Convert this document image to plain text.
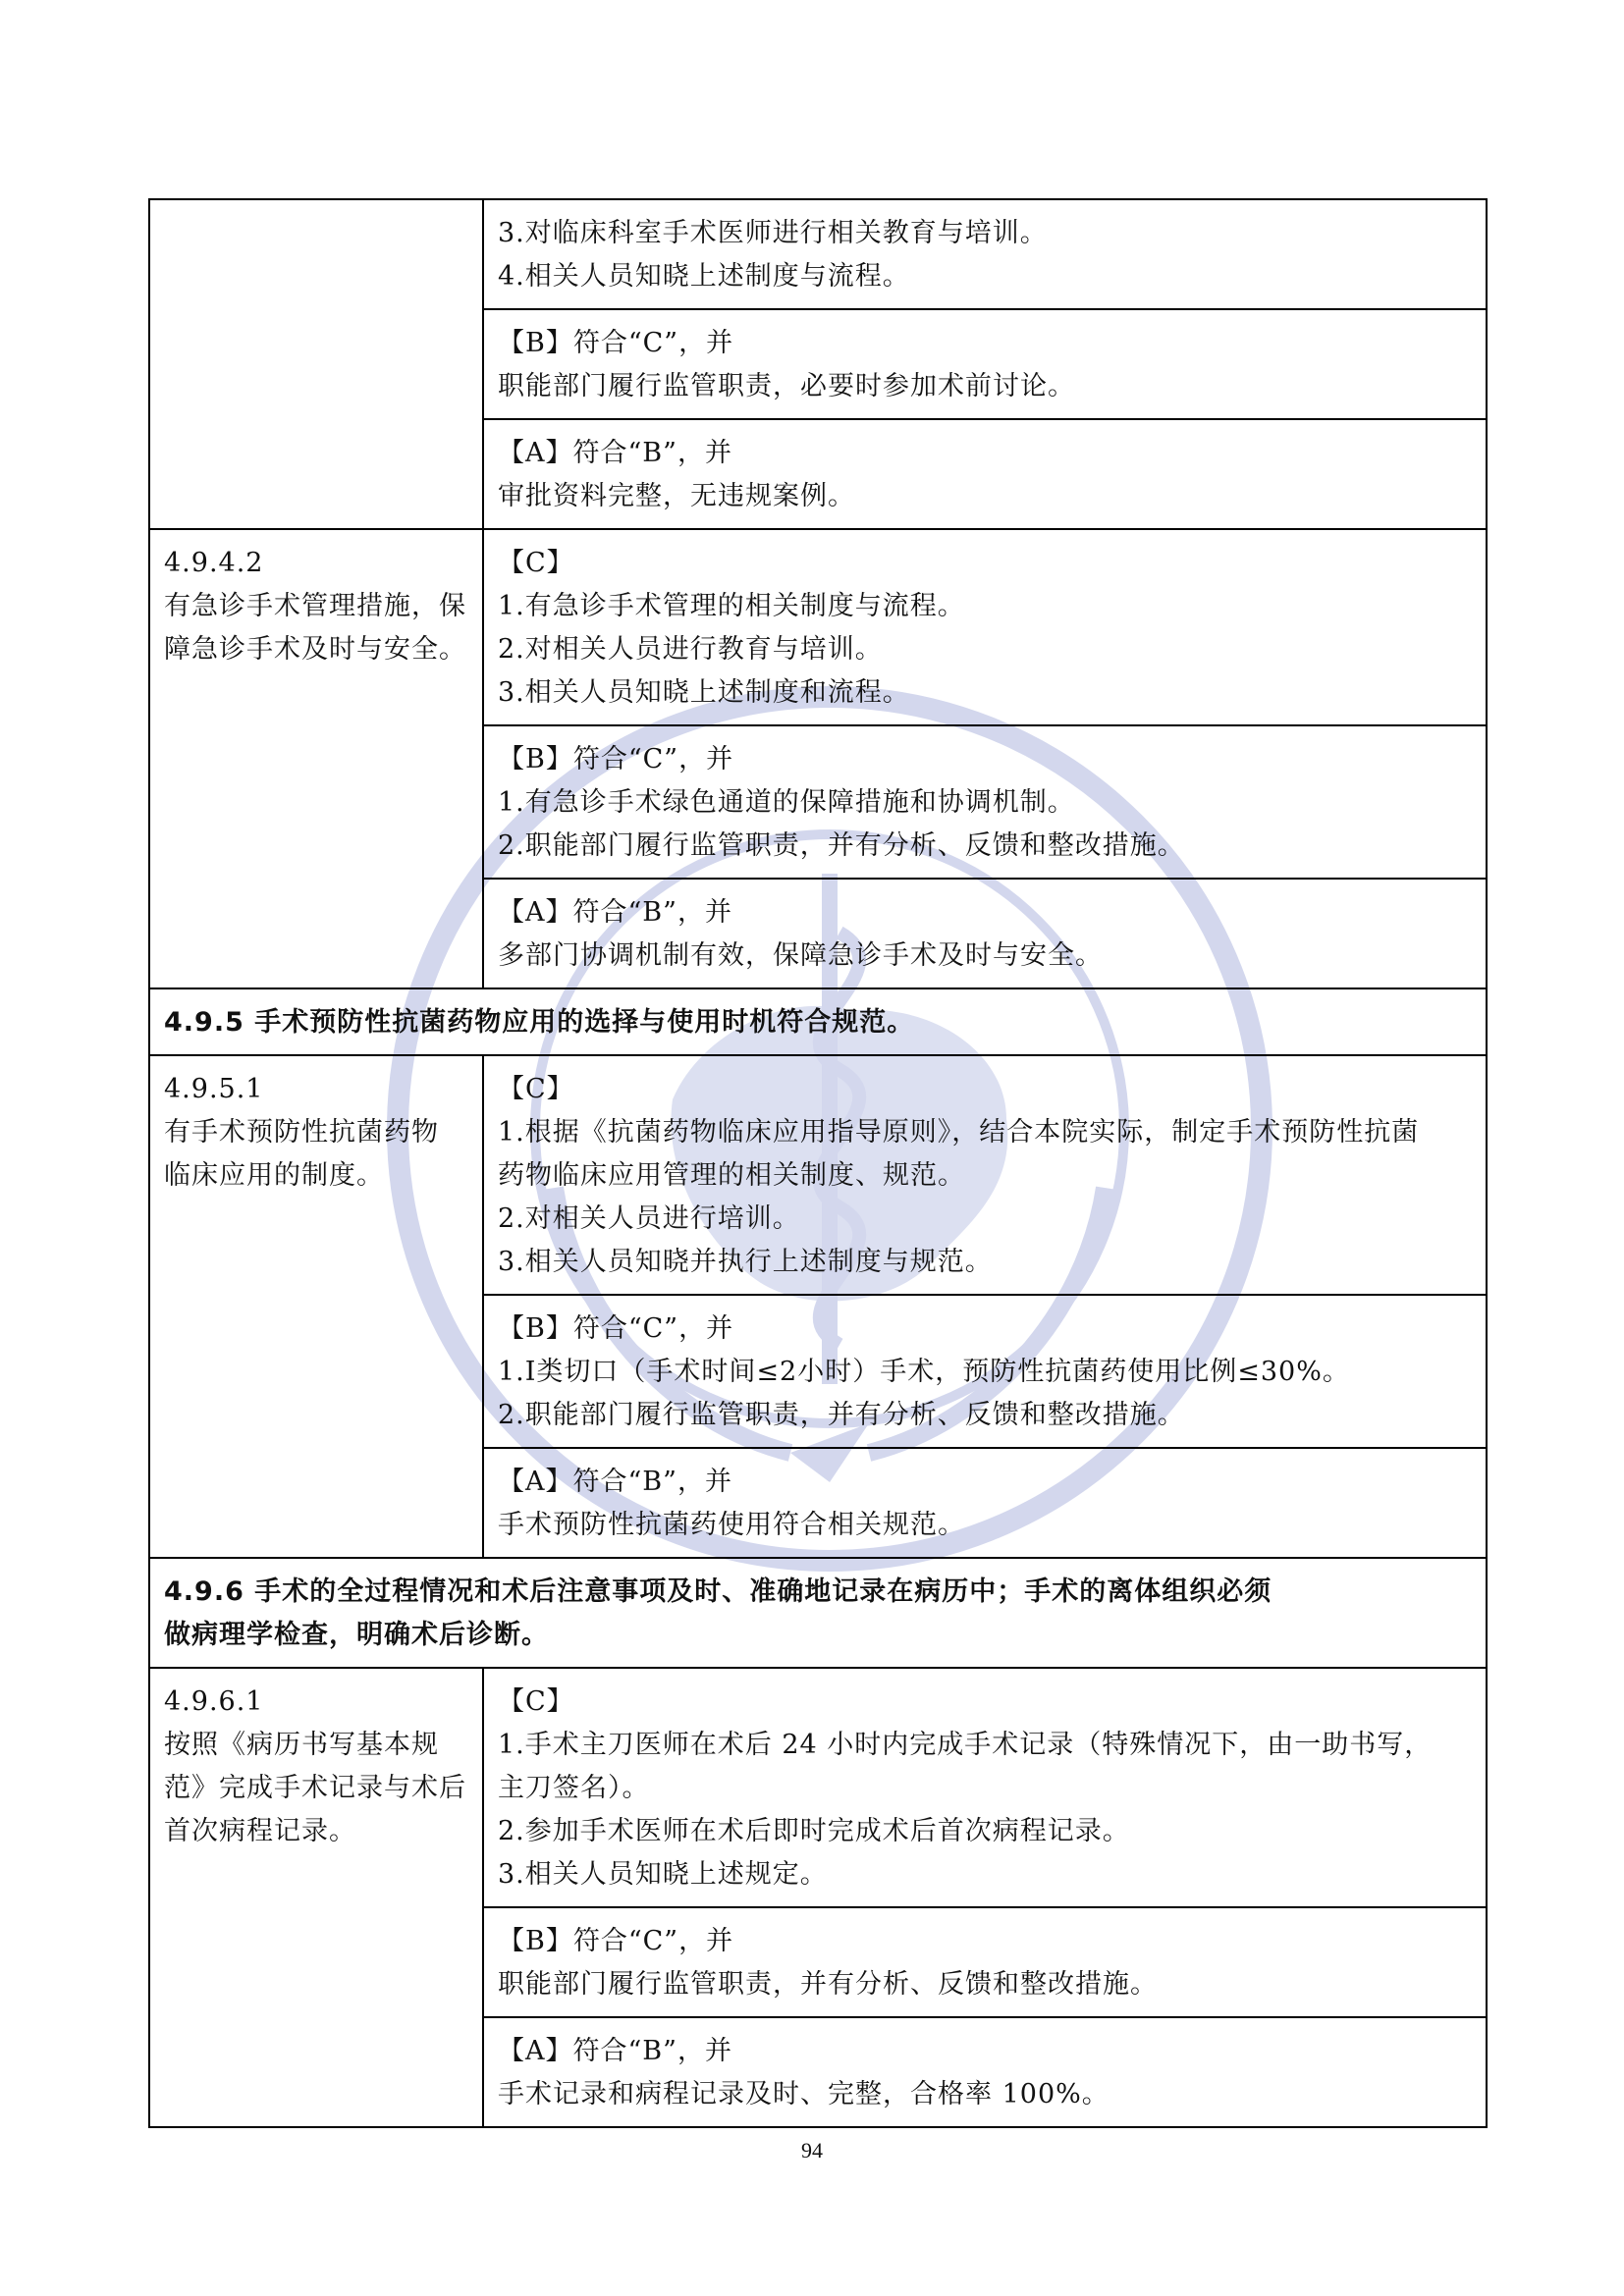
	3.对临床科室手术医师进行相关教育与培训。
4.相关人员知晓上述制度与流程。

	【B】符合“C”，并
职能部门履行监管职责，必要时参加术前讨论。

	【A】符合“B”，并
审批资料完整，无违规案例。

4.9.4.2
有急诊手术管理措施，保
障急诊手术及时与安全。	【C】
1.有急诊手术管理的相关制度与流程。
2.对相关人员进行教育与培训。
3.相关人员知晓上述制度和流程。

	【B】符合“C”，并
1.有急诊手术绿色通道的保障措施和协调机制。
2.职能部门履行监管职责，并有分析、反馈和整改措施。

	【A】符合“B”，并
多部门协调机制有效，保障急诊手术及时与安全。

4.9.5 手术预防性抗菌药物应用的选择与使用时机符合规范。	

4.9.5.1
有手术预防性抗菌药物
临床应用的制度。	【C】
1.根据《抗菌药物临床应用指导原则》，结合本院实际，制定手术预防性抗菌
药物临床应用管理的相关制度、规范。
2.对相关人员进行培训。
3.相关人员知晓并执行上述制度与规范。

	【B】符合“C”，并
1.Ⅰ类切口（手术时间≤2小时）手术，预防性抗菌药使用比例≤30%。
2.职能部门履行监管职责，并有分析、反馈和整改措施。

	【A】符合“B”，并
手术预防性抗菌药使用符合相关规范。

4.9.6 手术的全过程情况和术后注意事项及时、准确地记录在病历中；手术的离体组织必须
做病理学检查，明确术后诊断。	

4.9.6.1
按照《病历书写基本规
范》完成手术记录与术后
首次病程记录。	【C】
1.手术主刀医师在术后 24 小时内完成手术记录（特殊情况下，由一助书写，
主刀签名）。
2.参加手术医师在术后即时完成术后首次病程记录。
3.相关人员知晓上述规定。

	【B】符合“C”，并
职能部门履行监管职责，并有分析、反馈和整改措施。

	【A】符合“B”，并
手术记录和病程记录及时、完整，合格率 100%。
94
